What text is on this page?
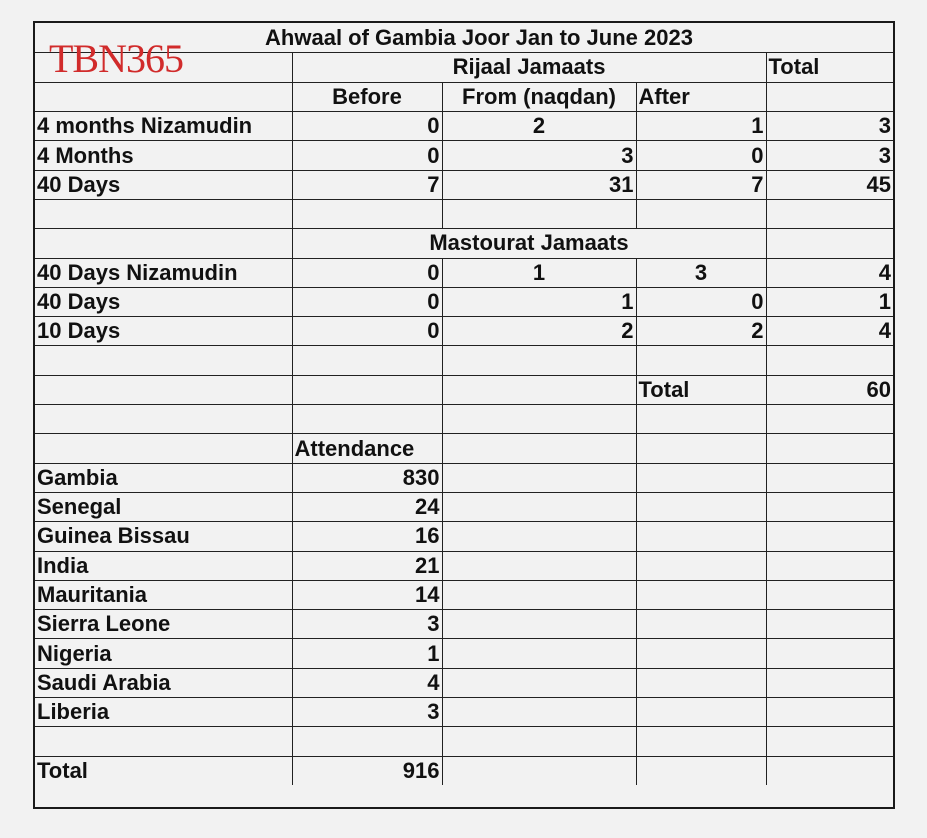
Ahwaal of Gambia Joor Jan to June 2023
	Rijaal Jamaats			Total
	Before	From (naqdan)	After	
4 months Nizamudin	0	2	1	3
4 Months	0	3	0	3
40 Days	7	31	7	45

	Mastourat Jamaats			
40 Days Nizamudin	0	1	3	4
40 Days	0	1	0	1
10 Days	0	2	2	4

			Total	60

	Attendance			
Gambia	830			
Senegal	24			
Guinea Bissau	16			
India	21			
Mauritania	14			
Sierra Leone	3			
Nigeria	1			
Saudi Arabia	4			
Liberia	3			

Total	916			
TBN365
